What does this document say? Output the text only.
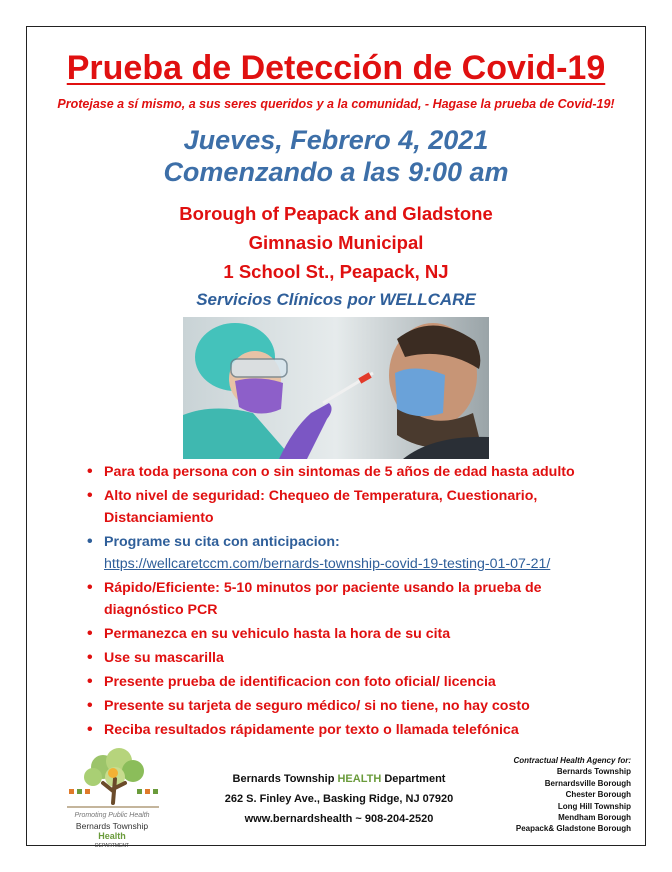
Prueba de Detección de Covid-19
Protejase a sí mismo, a sus seres queridos y a la comunidad, - Hagase la prueba de Covid-19!
Jueves, Febrero 4, 2021
Comenzando a las 9:00 am
Borough of Peapack and Gladstone
Gimnasio Municipal
1 School St., Peapack, NJ
Servicios Clínicos por WELLCARE
• Para toda persona con o sin sintomas de 5 años de edad hasta adulto
• Alto nivel de seguridad: Chequeo de Temperatura, Cuestionario, Distanciamiento
• Programe su cita con anticipacion:
https://wellcaretccm.com/bernards-township-covid-19-testing-01-07-21/
• Rápido/Eficiente: 5-10 minutos por paciente usando la prueba de diagnóstico PCR
• Permanezca en su vehiculo hasta la hora de su cita
• Use su mascarilla
• Presente prueba de identificacion con foto oficial/ licencia
• Presente su tarjeta de seguro médico/ si no tiene, no hay costo
• Reciba resultados rápidamente por texto o llamada telefónica
Promoting Public Health
Bernards Township
Health
DEPARTMENT
Bernards Township HEALTH Department
262 S. Finley Ave., Basking Ridge, NJ 07920
www.bernardshealth ~ 908-204-2520
Contractual Health Agency for:
Bernards Township
Bernardsville Borough
Chester Borough
Long Hill Township
Mendham Borough
Peapack& Gladstone Borough
